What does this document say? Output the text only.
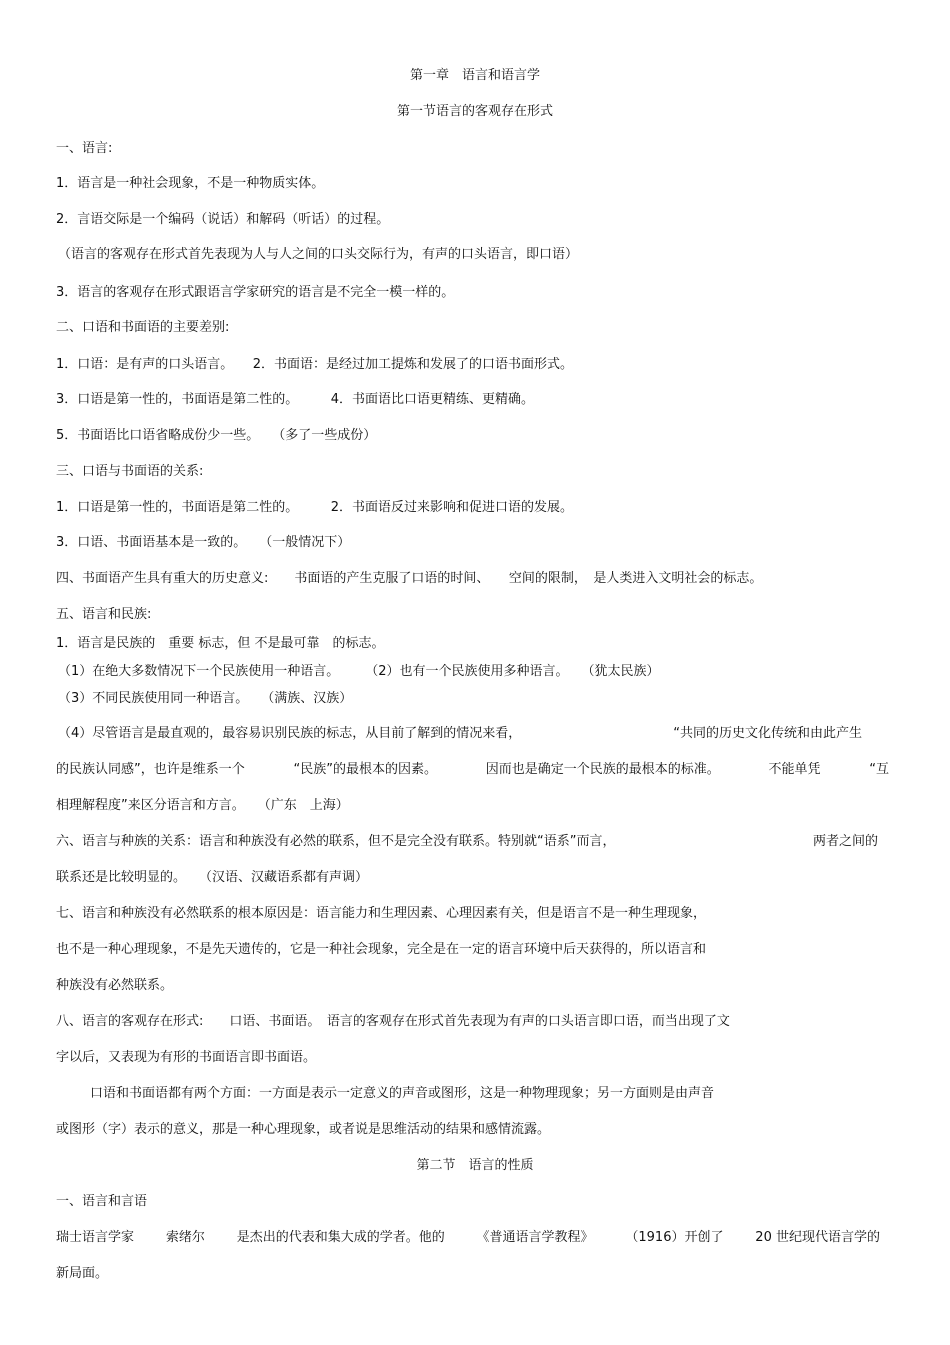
第一章　语言和语言学
第一节语言的客观存在形式
一、语言:
1．语言是一种社会现象，不是一种物质实体。
2．言语交际是一个编码（说话）和解码（听话）的过程。
（语言的客观存在形式首先表现为人与人之间的口头交际行为，有声的口头语言，即口语）
3．语言的客观存在形式跟语言学家研究的语言是不完全一模一样的。
二、口语和书面语的主要差别:
1．口语：是有声的口头语言。　　2．书面语：是经过加工提炼和发展了的口语书面形式。
3．口语是第一性的，书面语是第二性的。　　　4．书面语比口语更精练、更精确。
5．书面语比口语省略成份少一些。　　（多了一些成份）
三、口语与书面语的关系:
1．口语是第一性的，书面语是第二性的。　　　2．书面语反过来影响和促进口语的发展。
3．口语、书面语基本是一致的。　　（一般情况下）
四、书面语产生具有重大的历史意义:　　书面语的产生克服了口语的时间、　　空间的限制，　是人类进入文明社会的标志。
五、语言和民族:
1．语言是民族的　重要 标志，但 不是最可靠　的标志。
（1）在绝大多数情况下一个民族使用一种语言。　　　（2）也有一个民族使用多种语言。　　（犹太民族）
（3）不同民族使用同一种语言。　　（满族、汉族）
（4）尽管语言是最直观的，最容易识别民族的标志，从目前了解到的情况来看，	“共同的历史文化传统和由此产生
的民族认同感”，也许是维系一个	“民族”的最根本的因素。	因而也是确定一个民族的最根本的标准。	不能单凭	“互
相理解程度”来区分语言和方言。　　（广东　上海）
六、语言与种族的关系：语言和种族没有必然的联系，但不是完全没有联系。特别就“语系”而言，	两者之间的
联系还是比较明显的。　　（汉语、汉藏语系都有声调）
七、语言和种族没有必然联系的根本原因是：语言能力和生理因素、心理因素有关，但是语言不是一种生理现象，
也不是一种心理现象，不是先天遗传的，它是一种社会现象，完全是在一定的语言环境中后天获得的，所以语言和
种族没有必然联系。
八、语言的客观存在形式:　　口语、书面语。　语言的客观存在形式首先表现为有声的口头语言即口语，而当出现了文
字以后，又表现为有形的书面语言即书面语。
口语和书面语都有两个方面：一方面是表示一定意义的声音或图形，这是一种物理现象；另一方面则是由声音
或图形（字）表示的意义，那是一种心理现象，或者说是思维活动的结果和感情流露。
第二节　语言的性质
一、语言和言语
瑞士语言学家 索绪尔 是杰出的代表和集大成的学者。他的 《普通语言学教程》 （1916）开创了 20 世纪现代语言学的
新局面。
